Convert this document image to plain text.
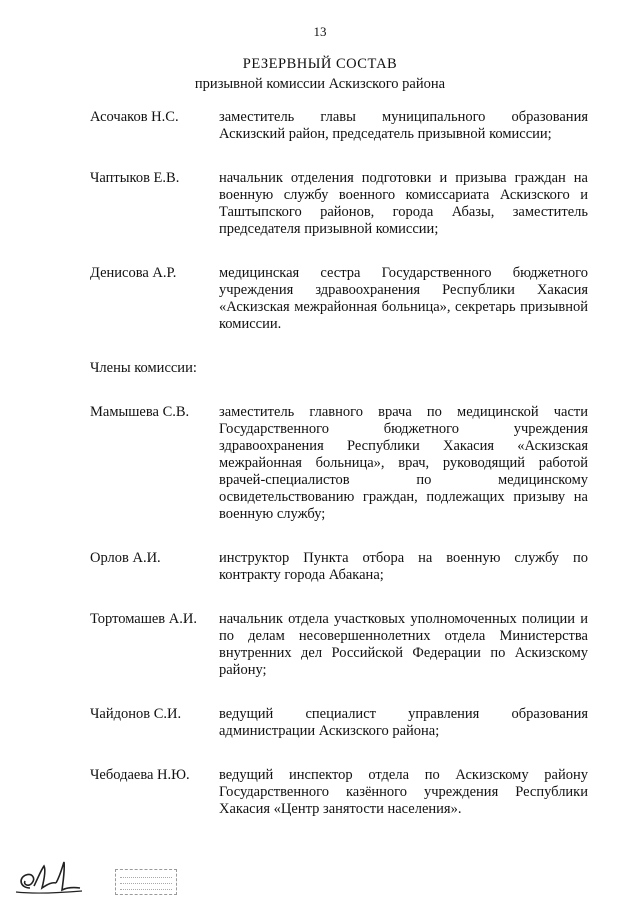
13
РЕЗЕРВНЫЙ СОСТАВ
призывной комиссии Аскизского района
Асочаков Н.С.	заместитель главы муниципального образования Аскизский район, председатель призывной комиссии;
Чаптыков Е.В.	начальник отделения подготовки и призыва граждан на военную службу военного комиссариата Аскизского и Таштыпского районов, города Абазы, заместитель председателя призывной комиссии;
Денисова А.Р.	медицинская сестра Государственного бюджетного учреждения здравоохранения Республики Хакасия «Аскизская межрайонная больница», секретарь призывной комиссии.
Члены комиссии:
Мамышева С.В.	заместитель главного врача по медицинской части Государственного бюджетного учреждения здравоохранения Республики Хакасия «Аскизская межрайонная больница», врач, руководящий работой врачей-специалистов по медицинскому освидетельствованию граждан, подлежащих призыву на военную службу;
Орлов А.И.	инструктор Пункта отбора на военную службу по контракту города Абакана;
Тортомашев А.И.	начальник отдела участковых уполномоченных полиции и по делам несовершеннолетних отдела Министерства внутренних дел Российской Федерации по Аскизскому району;
Чайдонов С.И.	ведущий специалист управления образования администрации Аскизского района;
Чебодаева Н.Ю.	ведущий инспектор отдела по Аскизскому району Государственного казённого учреждения Республики Хакасия «Центр занятости населения».
